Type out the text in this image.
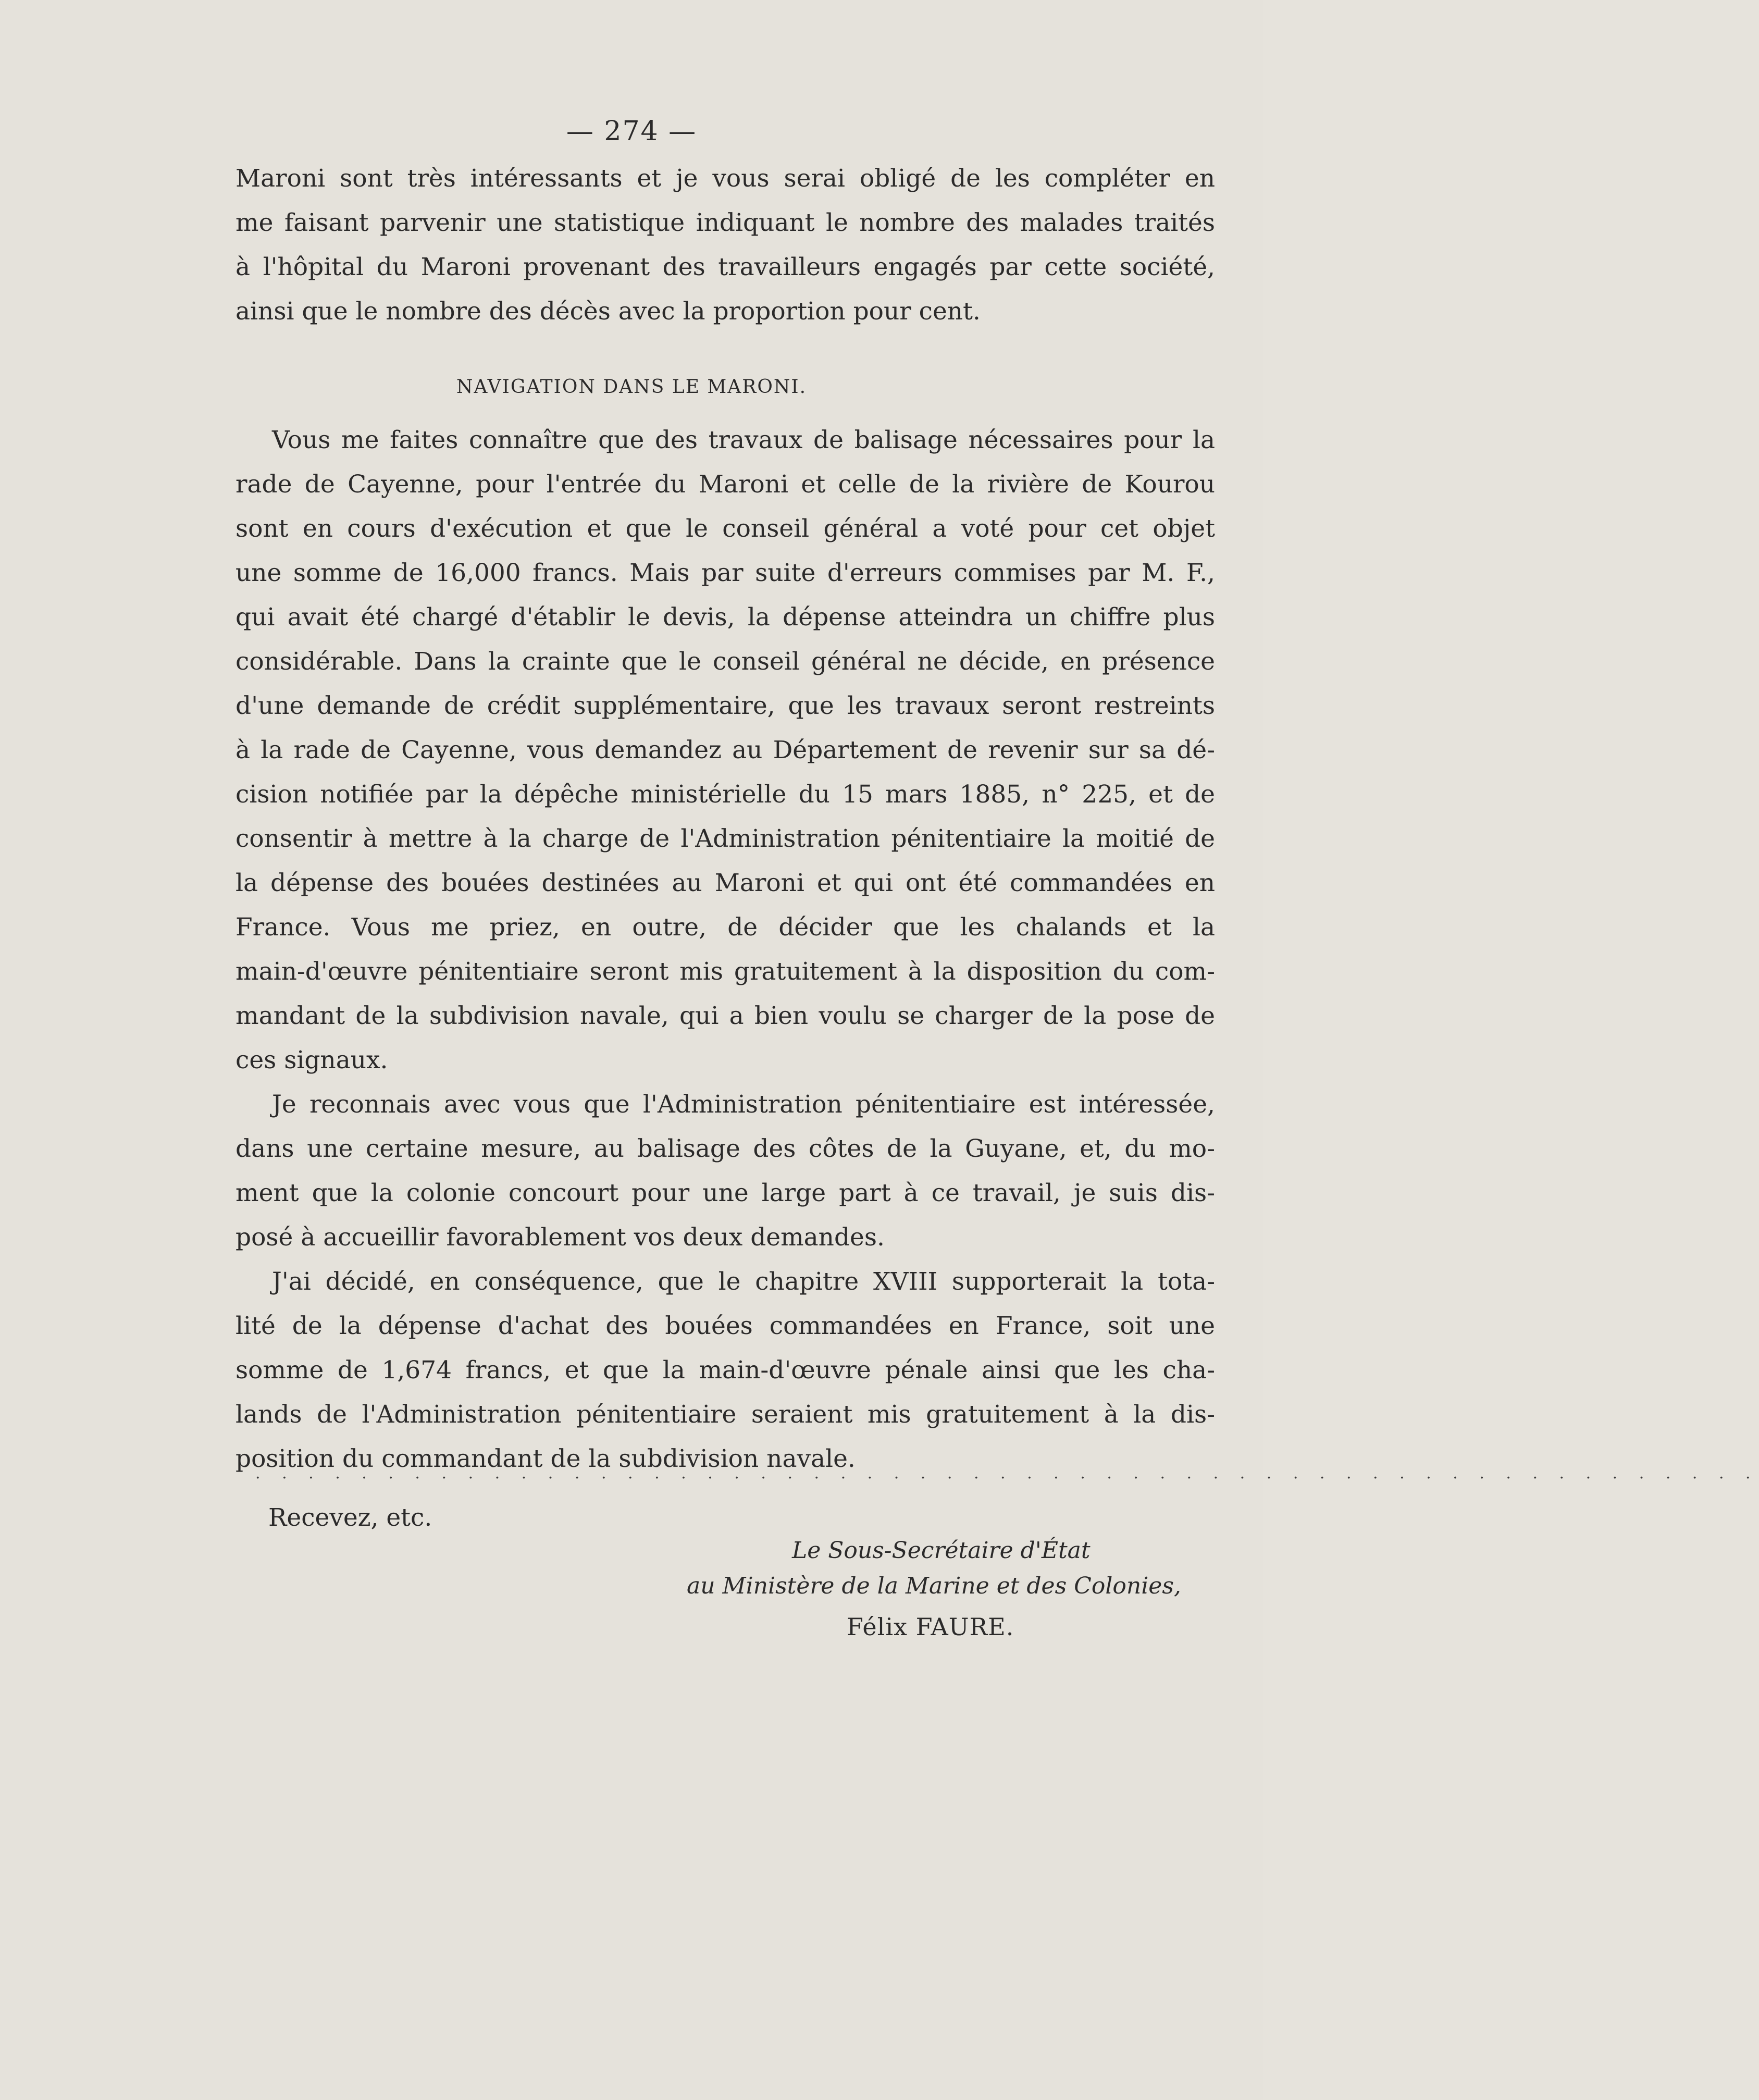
— 274 —
Maroni sont très intéressants et je vous serai obligé de les compléter en
me faisant parvenir une statistique indiquant le nombre des malades traités
à l'hôpital du Maroni provenant des travailleurs engagés par cette société,
ainsi que le nombre des décès avec la proportion pour cent.
NAVIGATION DANS LE MARONI.
Vous me faites connaître que des travaux de balisage nécessaires pour la
rade de Cayenne, pour l'entrée du Maroni et celle de la rivière de Kourou
sont en cours d'exécution et que le conseil général a voté pour cet objet
une somme de 16,000 francs. Mais par suite d'erreurs commises par M. F.,
qui avait été chargé d'établir le devis, la dépense atteindra un chiffre plus
considérable. Dans la crainte que le conseil général ne décide, en présence
d'une demande de crédit supplémentaire, que les travaux seront restreints
à la rade de Cayenne, vous demandez au Département de revenir sur sa dé-
cision notifiée par la dépêche ministérielle du 15 mars 1885, n° 225, et de
consentir à mettre à la charge de l'Administration pénitentiaire la moitié de
la dépense des bouées destinées au Maroni et qui ont été commandées en
France. Vous me priez, en outre, de décider que les chalands et la
main-d'œuvre pénitentiaire seront mis gratuitement à la disposition du com-
mandant de la subdivision navale, qui a bien voulu se charger de la pose de
ces signaux.
Je reconnais avec vous que l'Administration pénitentiaire est intéressée,
dans une certaine mesure, au balisage des côtes de la Guyane, et, du mo-
ment que la colonie concourt pour une large part à ce travail, je suis dis-
posé à accueillir favorablement vos deux demandes.
J'ai décidé, en conséquence, que le chapitre XVIII supporterait la tota-
lité de la dépense d'achat des bouées commandées en France, soit une
somme de 1,674 francs, et que la main-d'œuvre pénale ainsi que les cha-
lands de l'Administration pénitentiaire seraient mis gratuitement à la dis-
position du commandant de la subdivision navale.
. . . . . . . . . . . . . . . . . . . . . . . . . . . . . . . . . . . . . . . . . . . . . . . . . . . . . . . . .
Recevez, etc.
Le Sous-Secrétaire d'État
au Ministère de la Marine et des Colonies,
Félix FAURE.
